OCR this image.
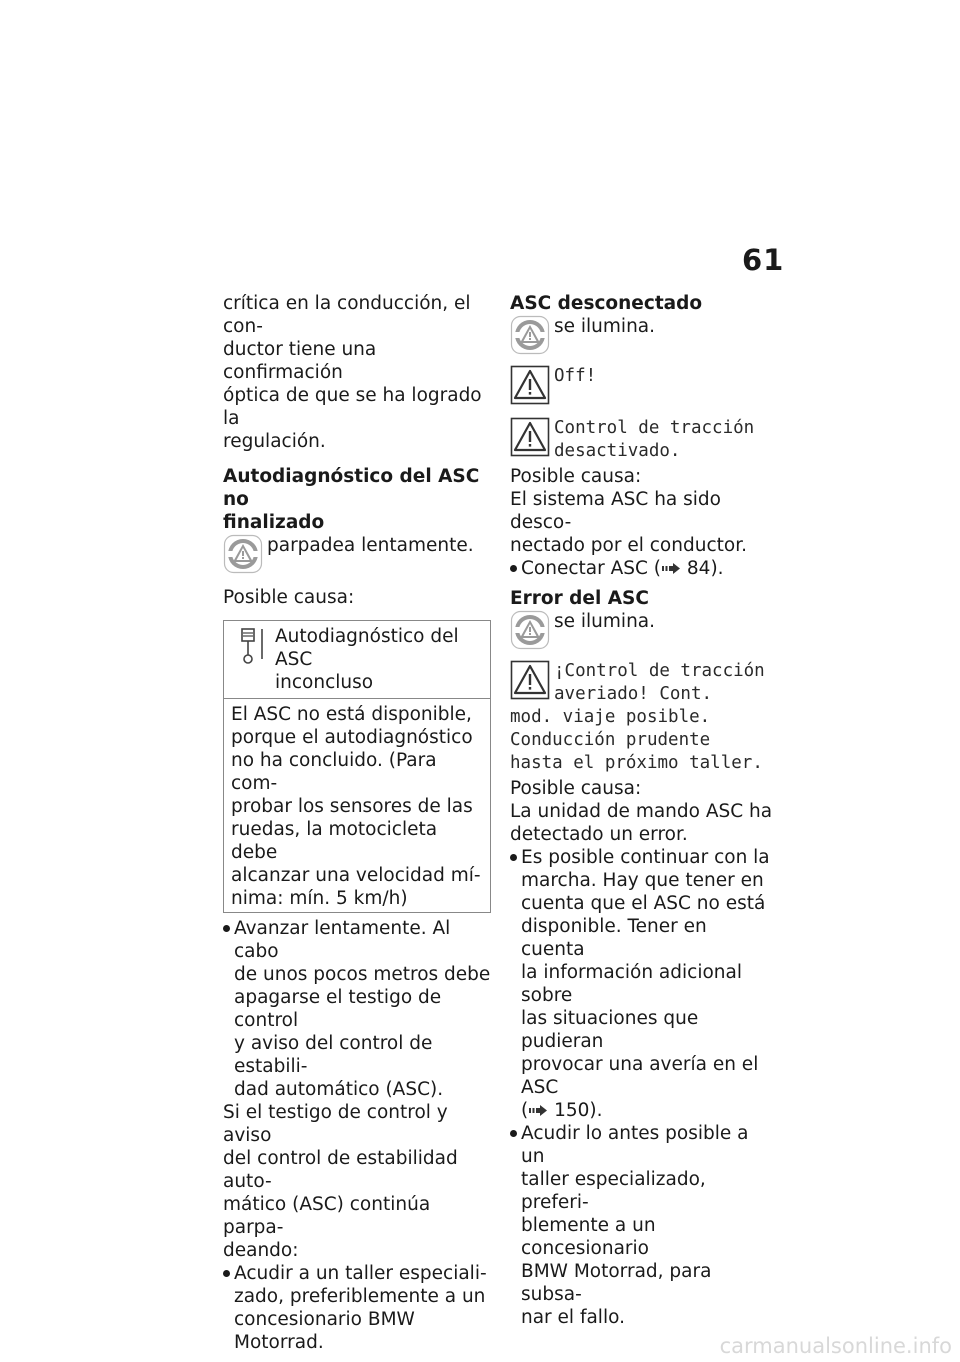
61

crítica en la conducción, el con-
ductor tiene una confirmación
óptica de que se ha logrado la
regulación.

Autodiagnóstico del ASC no
finalizado

parpadea lentamente.

Posible causa:

Autodiagnóstico del ASC
inconcluso
El ASC no está disponible,
porque el autodiagnóstico
no ha concluido. (Para com-
probar los sensores de las
ruedas, la motocicleta debe
alcanzar una velocidad mí-
nima: mín. 5 km/h)
Avanzar lentamente. Al cabo
de unos pocos metros debe
apagarse el testigo de control
y aviso del control de estabili-
dad automático (ASC).

Si el testigo de control y aviso
del control de estabilidad auto-
mático (ASC) continúa parpa-
deando:

Acudir a un taller especiali-
zado, preferiblemente a un
concesionario BMW Motorrad.

ASC desconectado

se ilumina.
Off!
Control de tracción
desactivado.

Posible causa:

El sistema ASC ha sido desco-
nectado por el conductor.

Conectar ASC ( 84).

Error del ASC

se ilumina.
¡Control de tracción
averiado! Cont.

mod. viaje posible.
Conducción prudente
hasta el próximo taller.

Posible causa:

La unidad de mando ASC ha
detectado un error.

Es posible continuar con la
marcha. Hay que tener en
cuenta que el ASC no está
disponible. Tener en cuenta
la información adicional sobre
las situaciones que pudieran
provocar una avería en el ASC
( 150).
Acudir lo antes posible a un
taller especializado, preferi-
blemente a un concesionario
BMW Motorrad, para subsa-
nar el fallo.
carmanualsonline.info
